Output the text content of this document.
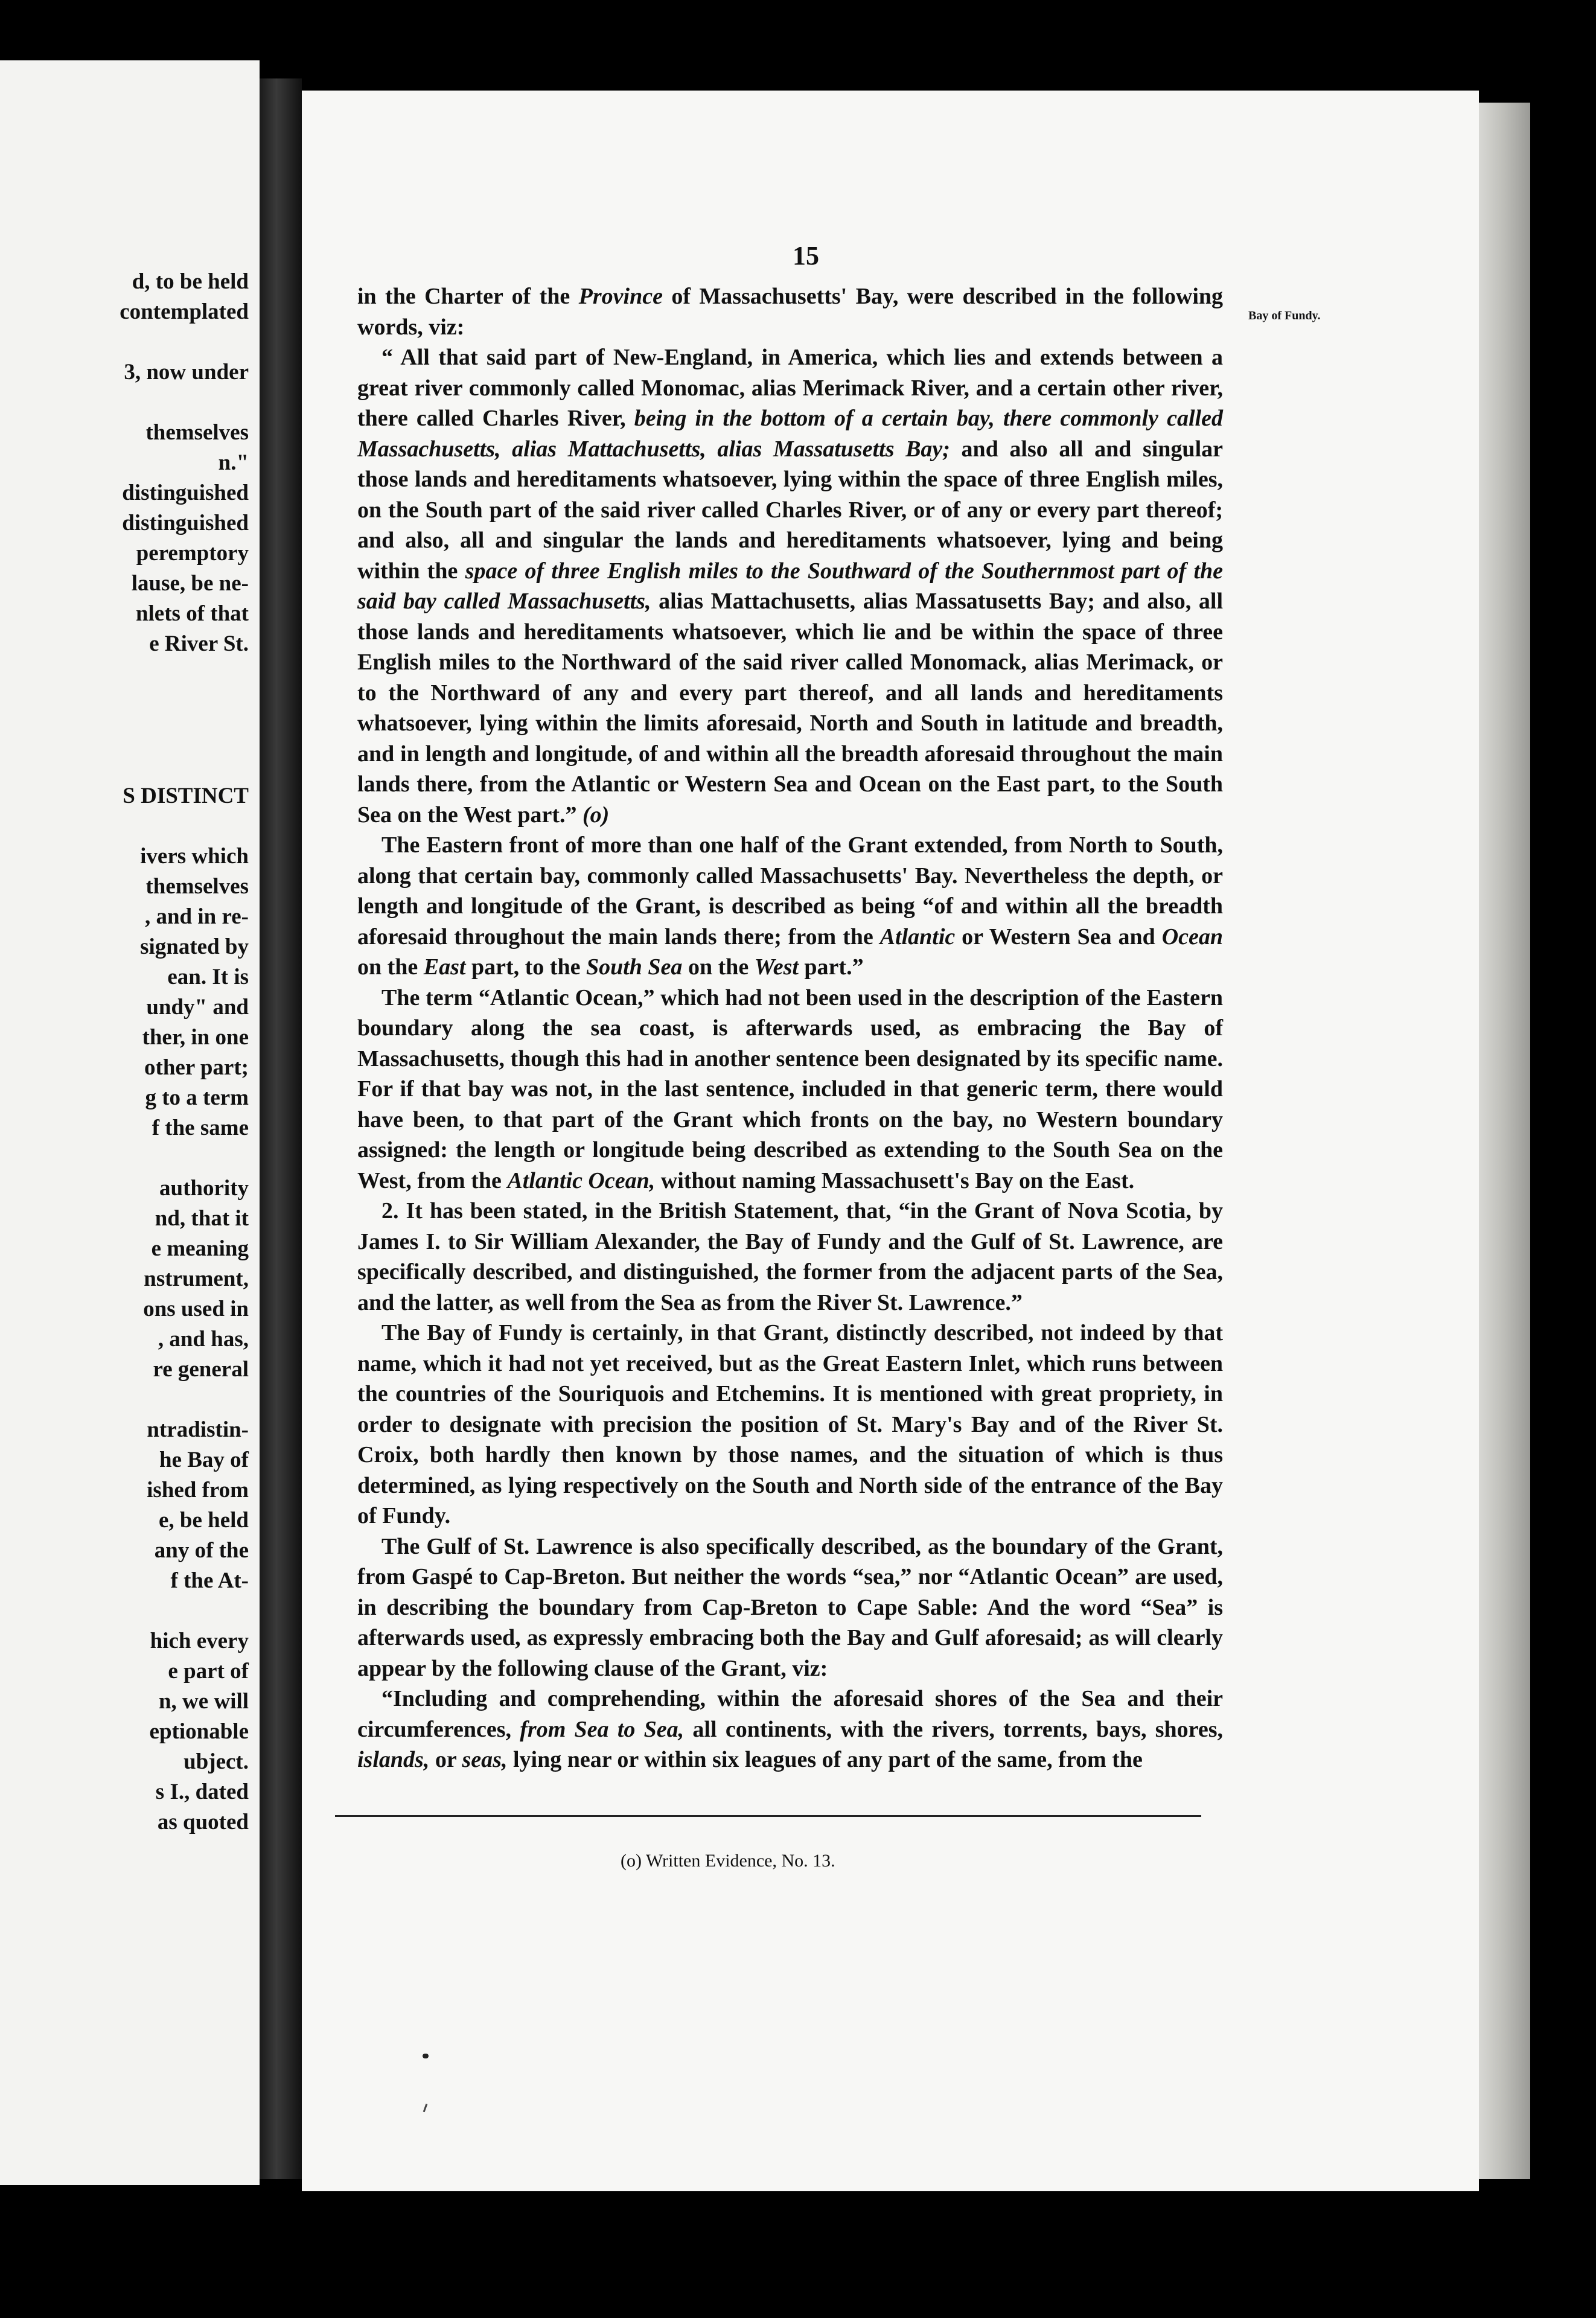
d, to be held
contemplated
3, now under
themselves
n."
distinguished
distinguished
peremptory
lause, be ne-
nlets of that
e River St.
S DISTINCT
ivers which
themselves
, and in re-
signated by
ean. It is
undy" and
ther, in one
other part;
g to a term
f the same
authority
nd, that it
e meaning
nstrument,
ons used in
, and has,
re general
ntradistin-
he Bay of
ished from
e, be held
any of the
f the At-
hich every
e part of
n, we will
eptionable
ubject.
s I., dated
as quoted
15
Bay of Fundy.

in the Charter of the Province of Massachusetts' Bay, were described in the following words, viz:

“ All that said part of New-England, in America, which lies and extends between a great river commonly called Monomac, alias Merimack River, and a certain other river, there called Charles River, being in the bottom of a certain bay, there commonly called Massachusetts, alias Mattachusetts, alias Massatusetts Bay; and also all and singular those lands and hereditaments whatsoever, lying within the space of three English miles, on the South part of the said river called Charles River, or of any or every part thereof; and also, all and singular the lands and hereditaments whatsoever, lying and being within the space of three English miles to the Southward of the Southernmost part of the said bay called Massachusetts, alias Mattachusetts, alias Massatusetts Bay; and also, all those lands and hereditaments whatsoever, which lie and be within the space of three English miles to the Northward of the said river called Monomack, alias Merimack, or to the Northward of any and every part thereof, and all lands and hereditaments whatsoever, lying within the limits aforesaid, North and South in latitude and breadth, and in length and longitude, of and within all the breadth aforesaid throughout the main lands there, from the Atlantic or Western Sea and Ocean on the East part, to the South Sea on the West part.” (o)

The Eastern front of more than one half of the Grant extended, from North to South, along that certain bay, commonly called Massachusetts' Bay. Nevertheless the depth, or length and longitude of the Grant, is described as being “of and within all the breadth aforesaid throughout the main lands there; from the Atlantic or Western Sea and Ocean on the East part, to the South Sea on the West part.”

The term “Atlantic Ocean,” which had not been used in the description of the Eastern boundary along the sea coast, is afterwards used, as embracing the Bay of Massachusetts, though this had in another sentence been designated by its specific name. For if that bay was not, in the last sentence, included in that generic term, there would have been, to that part of the Grant which fronts on the bay, no Western boundary assigned: the length or longitude being described as extending to the South Sea on the West, from the Atlantic Ocean, without naming Massachusett's Bay on the East.

2. It has been stated, in the British Statement, that, “in the Grant of Nova Scotia, by James I. to Sir William Alexander, the Bay of Fundy and the Gulf of St. Lawrence, are specifically described, and distinguished, the former from the adjacent parts of the Sea, and the latter, as well from the Sea as from the River St. Lawrence.”

The Bay of Fundy is certainly, in that Grant, distinctly described, not indeed by that name, which it had not yet received, but as the Great Eastern Inlet, which runs between the countries of the Souriquois and Etchemins. It is mentioned with great propriety, in order to designate with precision the position of St. Mary's Bay and of the River St. Croix, both hardly then known by those names, and the situation of which is thus determined, as lying respectively on the South and North side of the entrance of the Bay of Fundy.

The Gulf of St. Lawrence is also specifically described, as the boundary of the Grant, from Gaspé to Cap-Breton. But neither the words “sea,” nor “Atlantic Ocean” are used, in describing the boundary from Cap-Breton to Cape Sable: And the word “Sea” is afterwards used, as expressly embracing both the Bay and Gulf aforesaid; as will clearly appear by the following clause of the Grant, viz:

“Including and comprehending, within the aforesaid shores of the Sea and their circumferences, from Sea to Sea, all continents, with the rivers, torrents, bays, shores, islands, or seas, lying near or within six leagues of any part of the same, from the

(o) Written Evidence, No. 13.
